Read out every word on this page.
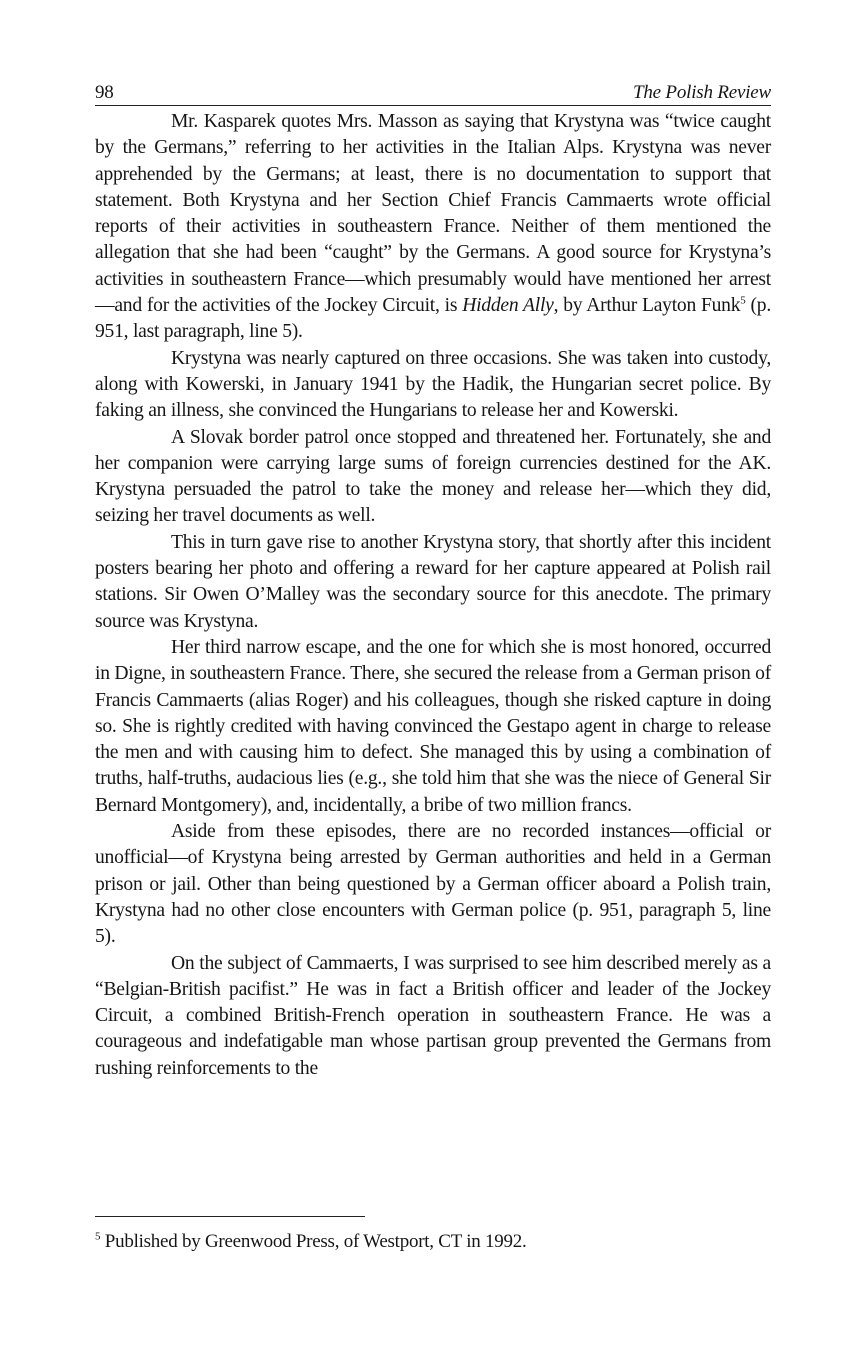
98	The Polish Review

Mr. Kasparek quotes Mrs. Masson as saying that Krystyna was “twice caught by the Germans,” referring to her activities in the Italian Alps. Krystyna was never apprehended by the Germans; at least, there is no documentation to support that statement. Both Krystyna and her Section Chief Francis Cammaerts wrote official reports of their activities in southeastern France. Neither of them mentioned the allegation that she had been “caught” by the Germans. A good source for Krystyna’s activities in southeastern France—which presumably would have mentioned her arrest—and for the activities of the Jockey Circuit, is Hidden Ally, by Arthur Layton Funk$^5$ (p. 951, last paragraph, line 5).

Krystyna was nearly captured on three occasions. She was taken into custody, along with Kowerski, in January 1941 by the Hadik, the Hungarian secret police. By faking an illness, she convinced the Hungarians to release her and Kowerski.

A Slovak border patrol once stopped and threatened her. Fortunately, she and her companion were carrying large sums of foreign currencies destined for the AK. Krystyna persuaded the patrol to take the money and release her—which they did, seizing her travel documents as well.

This in turn gave rise to another Krystyna story, that shortly after this incident posters bearing her photo and offering a reward for her capture appeared at Polish rail stations. Sir Owen O’Malley was the secondary source for this anecdote. The primary source was Krystyna.

Her third narrow escape, and the one for which she is most honored, occurred in Digne, in southeastern France. There, she secured the release from a German prison of Francis Cammaerts (alias Roger) and his colleagues, though she risked capture in doing so. She is rightly credited with having convinced the Gestapo agent in charge to release the men and with causing him to defect. She managed this by using a combination of truths, half-truths, audacious lies (e.g., she told him that she was the niece of General Sir Bernard Montgomery), and, incidentally, a bribe of two million francs.

Aside from these episodes, there are no recorded instances—official or unofficial—of Krystyna being arrested by German authorities and held in a German prison or jail. Other than being questioned by a German officer aboard a Polish train, Krystyna had no other close encounters with German police (p. 951, paragraph 5, line 5).

On the subject of Cammaerts, I was surprised to see him described merely as a “Belgian-British pacifist.” He was in fact a British officer and leader of the Jockey Circuit, a combined British-French operation in southeastern France. He was a courageous and indefatigable man whose partisan group prevented the Germans from rushing reinforcements to the

$^5$ Published by Greenwood Press, of Westport, CT in 1992.
